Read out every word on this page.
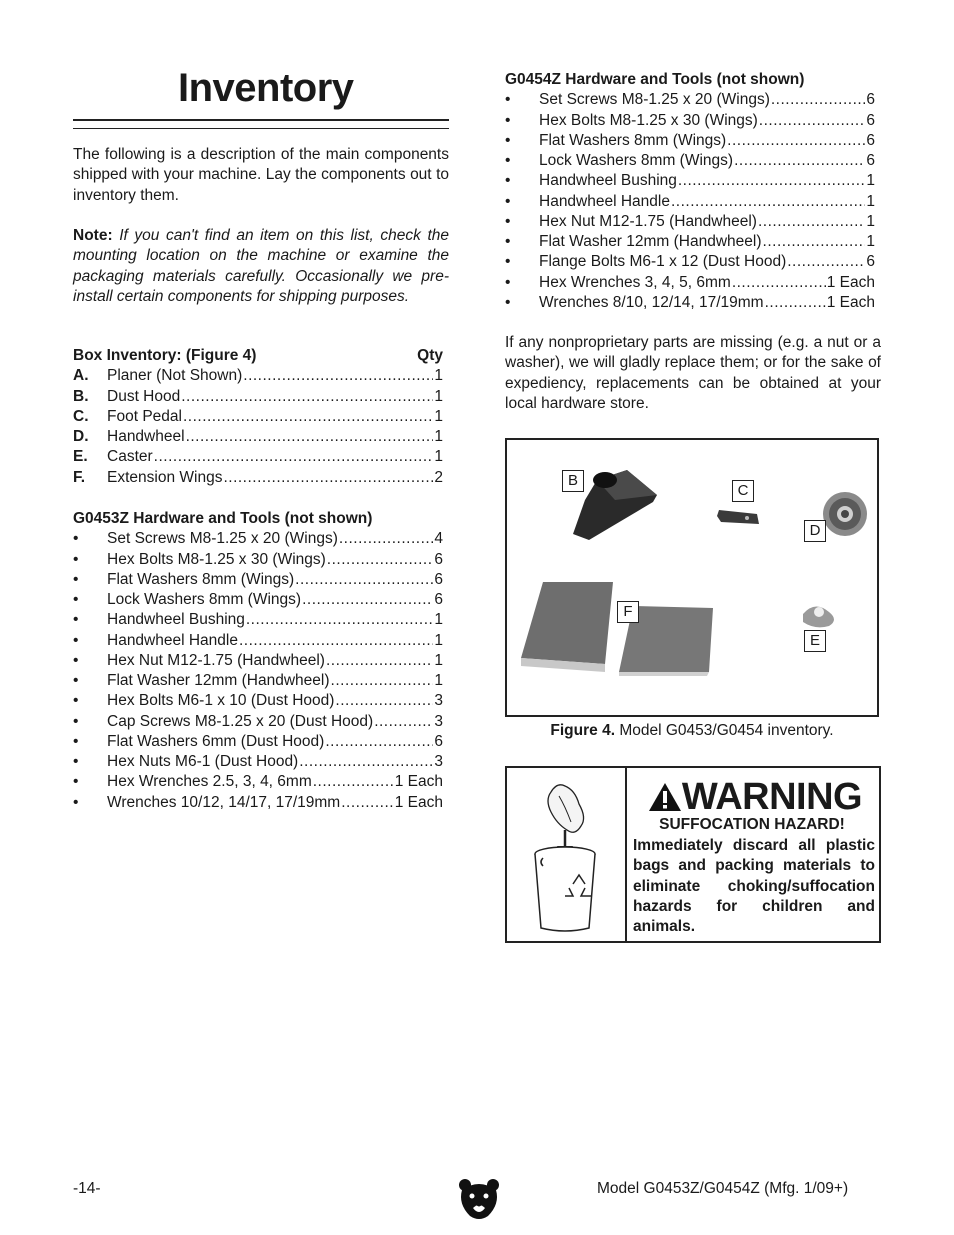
Inventory
The following is a description of the main components shipped with your machine. Lay the components out to inventory them.
Note: If you can't find an item on this list, check the mounting location on the machine or examine the packaging materials carefully. Occasionally we pre-install certain components for shipping purposes.
Box Inventory: (Figure 4)	Qty
A.	Planer (Not Shown) .....	1
B.	Dust Hood .....	1
C.	Foot Pedal .....	1
D.	Handwheel .....	1
E.	Caster .....	1
F.	Extension Wings .....	2
G0453Z Hardware and Tools (not shown)
•	Set Screws M8-1.25 x 20 (Wings) .....	4
•	Hex Bolts M8-1.25 x 30 (Wings) .....	6
•	Flat Washers 8mm (Wings) .....	6
•	Lock Washers 8mm (Wings) .....	6
•	Handwheel Bushing .....	1
•	Handwheel Handle .....	1
•	Hex Nut M12-1.75 (Handwheel) .....	1
•	Flat Washer 12mm (Handwheel) .....	1
•	Hex Bolts M6-1 x 10 (Dust Hood) .....	3
•	Cap Screws M8-1.25 x 20 (Dust Hood) .....	3
•	Flat Washers 6mm (Dust Hood) .....	6
•	Hex Nuts M6-1 (Dust Hood) .....	3
•	Hex Wrenches 2.5, 3, 4, 6mm .....	1 Each
•	Wrenches 10/12, 14/17, 17/19mm .....	1 Each
G0454Z Hardware and Tools (not shown)
•	Set Screws M8-1.25 x 20 (Wings) .....	6
•	Hex Bolts M8-1.25 x 30 (Wings) .....	6
•	Flat Washers 8mm (Wings) .....	6
•	Lock Washers 8mm (Wings) .....	6
•	Handwheel Bushing .....	1
•	Handwheel Handle .....	1
•	Hex Nut M12-1.75 (Handwheel) .....	1
•	Flat Washer 12mm (Handwheel) .....	1
•	Flange Bolts M6-1 x 12 (Dust Hood) .....	6
•	Hex Wrenches 3, 4, 5, 6mm .....	1 Each
•	Wrenches 8/10, 12/14, 17/19mm .....	1 Each
If any nonproprietary parts are missing (e.g. a nut or a washer), we will gladly replace them; or for the sake of expediency, replacements can be obtained at your local hardware store.
B
C
D
F
E
Figure 4. Model G0453/G0454 inventory.
WARNING
SUFFOCATION HAZARD!
Immediately discard all plastic bags and packing materials to eliminate choking/suffocation hazards for children and animals.
-14-	Model G0453Z/G0454Z (Mfg. 1/09+)
